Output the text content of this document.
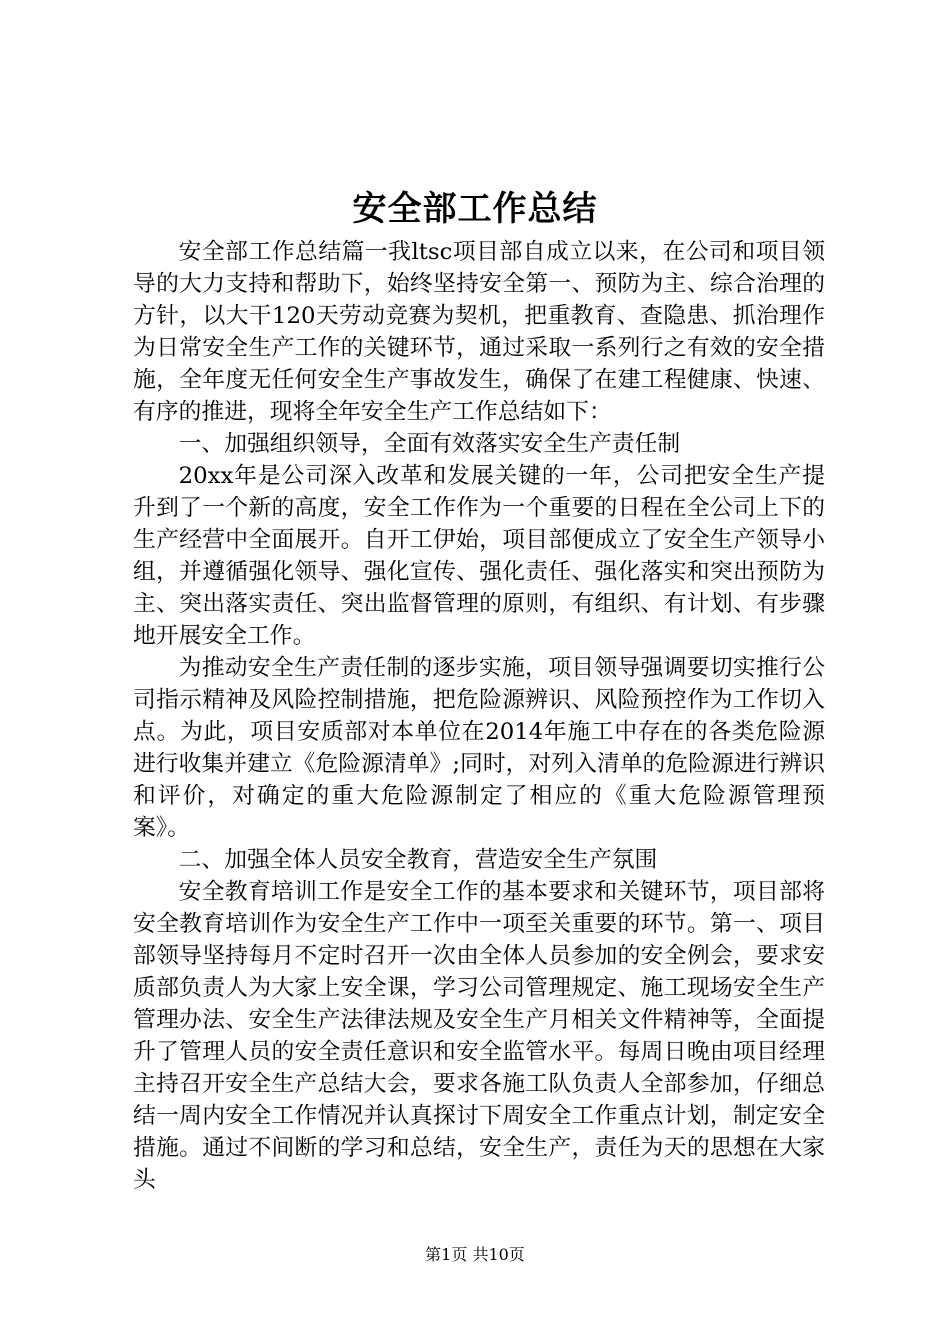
安全部工作总结

安全部工作总结篇一我ltsc项目部自成立以来，在公司和项目领导的大力支持和帮助下，始终坚持安全第一、预防为主、综合治理的方针，以大干120天劳动竞赛为契机，把重教育、查隐患、抓治理作为日常安全生产工作的关键环节，通过采取一系列行之有效的安全措施，全年度无任何安全生产事故发生，确保了在建工程健康、快速、有序的推进，现将全年安全生产工作总结如下：

一、加强组织领导，全面有效落实安全生产责任制

20xx年是公司深入改革和发展关键的一年，公司把安全生产提升到了一个新的高度，安全工作作为一个重要的日程在全公司上下的生产经营中全面展开。自开工伊始，项目部便成立了安全生产领导小组，并遵循强化领导、强化宣传、强化责任、强化落实和突出预防为主、突出落实责任、突出监督管理的原则，有组织、有计划、有步骤地开展安全工作。

为推动安全生产责任制的逐步实施，项目领导强调要切实推行公司指示精神及风险控制措施，把危险源辨识、风险预控作为工作切入点。为此，项目安质部对本单位在2014年施工中存在的各类危险源进行收集并建立《危险源清单》;同时，对列入清单的危险源进行辨识和评价，对确定的重大危险源制定了相应的《重大危险源管理预案》。

二、加强全体人员安全教育，营造安全生产氛围

安全教育培训工作是安全工作的基本要求和关键环节，项目部将安全教育培训作为安全生产工作中一项至关重要的环节。第一、项目部领导坚持每月不定时召开一次由全体人员参加的安全例会，要求安质部负责人为大家上安全课，学习公司管理规定、施工现场安全生产管理办法、安全生产法律法规及安全生产月相关文件精神等，全面提升了管理人员的安全责任意识和安全监管水平。每周日晚由项目经理主持召开安全生产总结大会，要求各施工队负责人全部参加，仔细总结一周内安全工作情况并认真探讨下周安全工作重点计划，制定安全措施。通过不间断的学习和总结，安全生产，责任为天的思想在大家头

第1页 共10页
